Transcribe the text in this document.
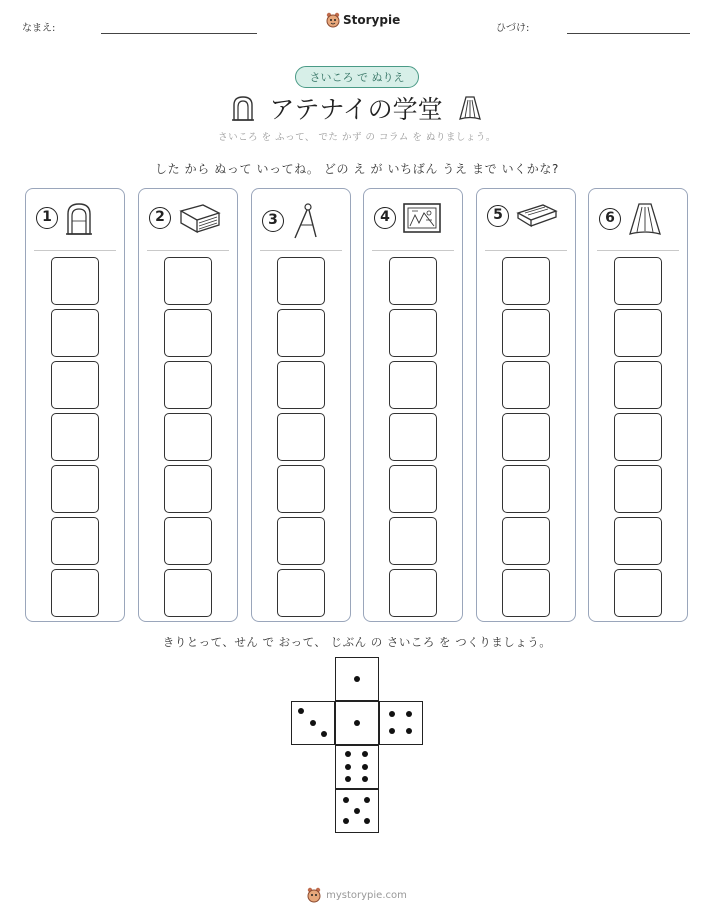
なまえ:
Storypie
ひづけ:
さいころ で ぬりえ
アテナイの学堂
さいころ を ふって、 でた かず の コラム を ぬりましょう。
した から ぬって いってね。 どの え が いちばん うえ まで いくかな?
1	2	3	4	5	6
きりとって、せん で おって、 じぶん の さいころ を つくりましょう。
mystorypie.com
